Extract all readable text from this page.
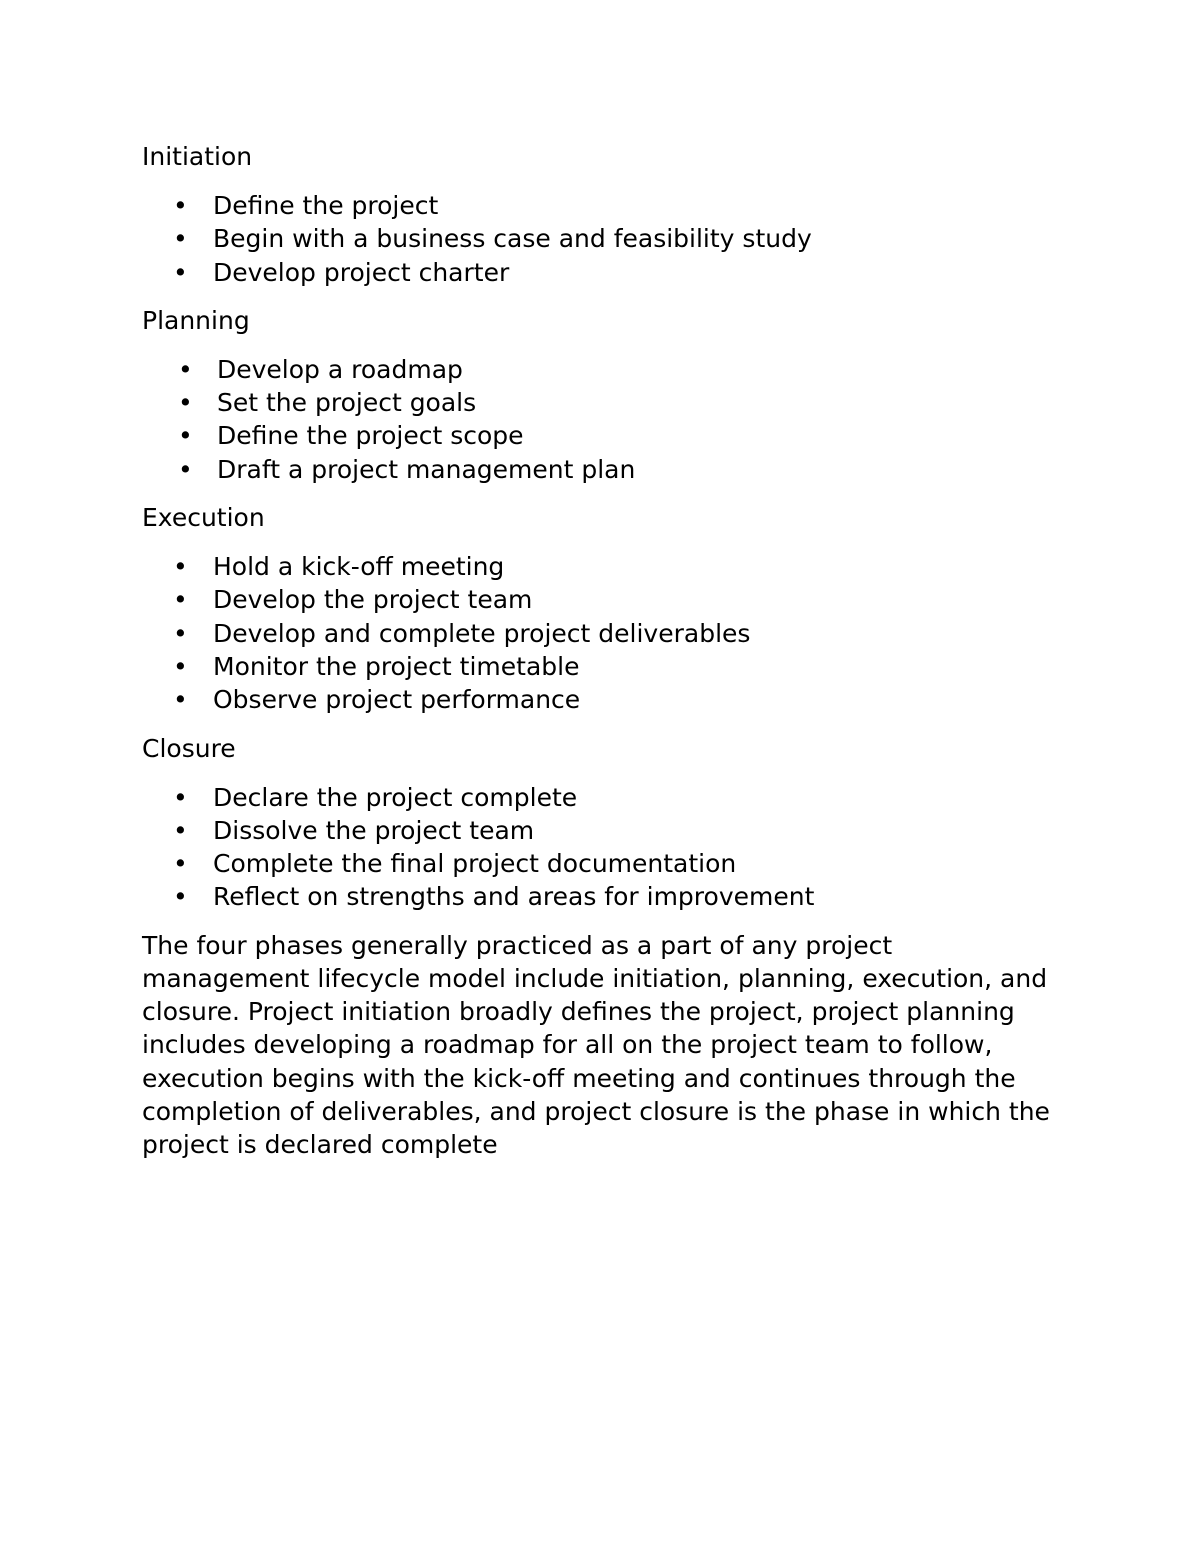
Initiation
• Define the project
• Begin with a business case and feasibility study
• Develop project charter
Planning
• Develop a roadmap
• Set the project goals
• Define the project scope
• Draft a project management plan
Execution
• Hold a kick-off meeting
• Develop the project team
• Develop and complete project deliverables
• Monitor the project timetable
• Observe project performance
Closure
• Declare the project complete
• Dissolve the project team
• Complete the final project documentation
• Reflect on strengths and areas for improvement

The four phases generally practiced as a part of any project management lifecycle model include initiation, planning, execution, and closure. Project initiation broadly defines the project, project planning includes developing a roadmap for all on the project team to follow, execution begins with the kick-off meeting and continues through the completion of deliverables, and project closure is the phase in which the project is declared complete
